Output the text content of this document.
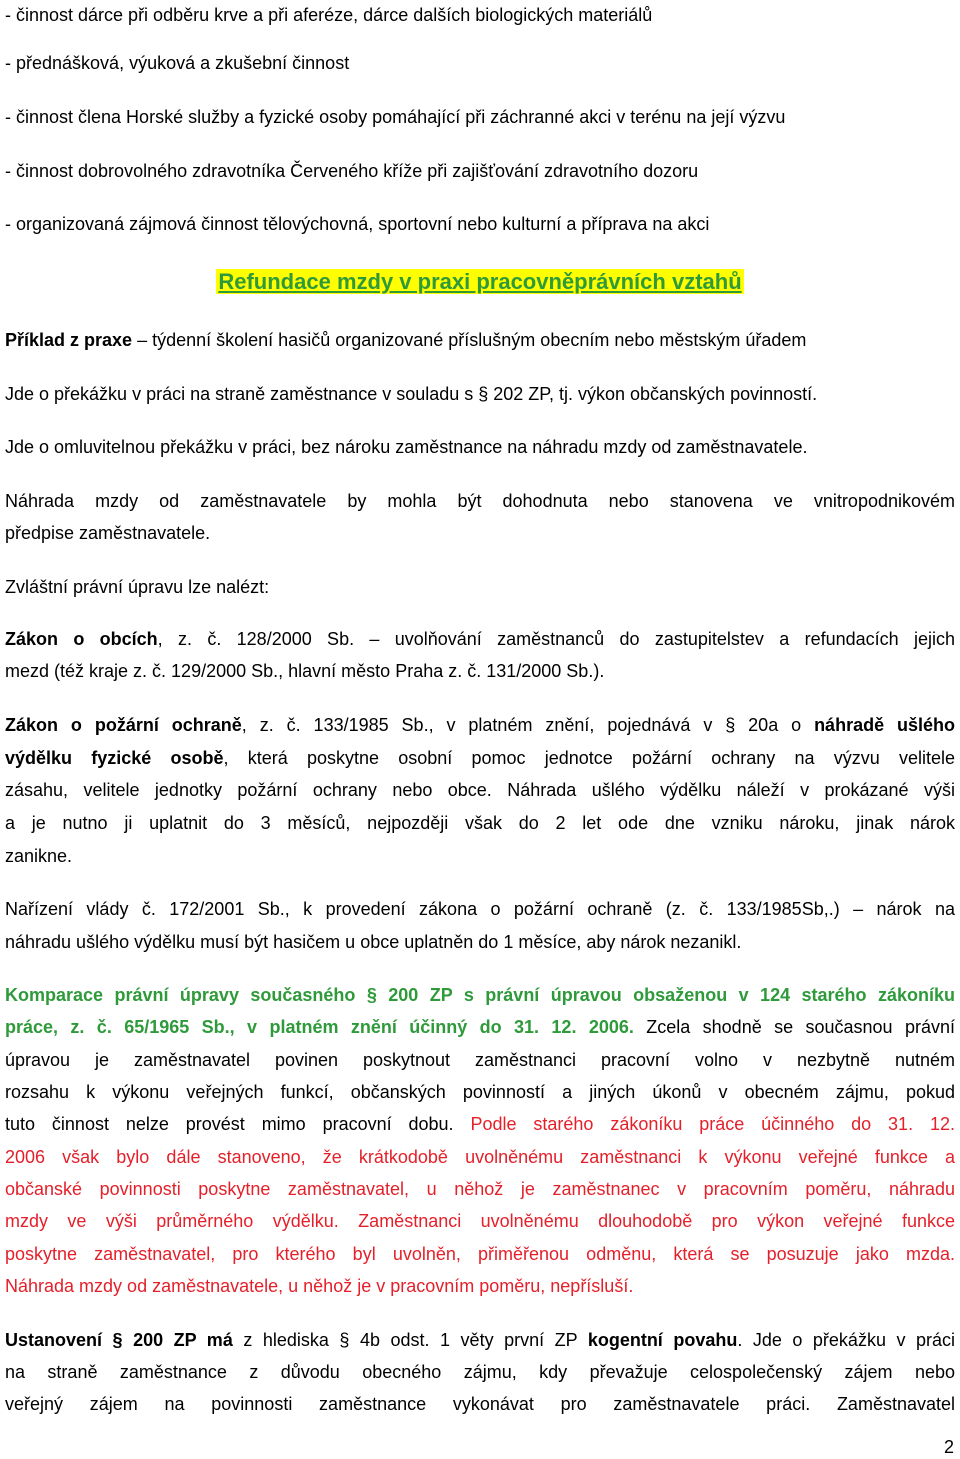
- činnost dárce při odběru krve a při aferéze, dárce dalších biologických materiálů
- přednášková, výuková a zkušební činnost
- činnost člena Horské služby a fyzické osoby pomáhající při záchranné akci v terénu na její výzvu
- činnost dobrovolného zdravotníka Červeného kříže při zajišťování zdravotního dozoru
- organizovaná zájmová činnost tělovýchovná, sportovní nebo kulturní a příprava na akci
Refundace mzdy v praxi pracovněprávních vztahů
Příklad z praxe – týdenní školení hasičů organizované příslušným obecním nebo městským úřadem
Jde o překážku v práci na straně zaměstnance v souladu s § 202 ZP, tj. výkon občanských povinností.
Jde o omluvitelnou překážku v práci, bez nároku zaměstnance na náhradu mzdy od zaměstnavatele.
Náhrada mzdy od zaměstnavatele by mohla být dohodnuta nebo stanovena ve vnitropodnikovém
předpise zaměstnavatele.
Zvláštní právní úpravu lze nalézt:
Zákon o obcích, z. č. 128/2000 Sb. – uvolňování zaměstnanců do zastupitelstev a refundacích jejich
mezd (též kraje z. č. 129/2000 Sb., hlavní město Praha z. č. 131/2000 Sb.).
Zákon o požární ochraně, z. č. 133/1985 Sb., v platném znění, pojednává v § 20a o náhradě ušlého
výdělku fyzické osobě, která poskytne osobní pomoc jednotce požární ochrany na výzvu velitele
zásahu, velitele jednotky požární ochrany nebo obce. Náhrada ušlého výdělku náleží v prokázané výši
a je nutno ji uplatnit do 3 měsíců, nejpozději však do 2 let ode dne vzniku nároku, jinak nárok
zanikne.
Nařízení vlády č. 172/2001 Sb., k provedení zákona o požární ochraně (z. č. 133/1985Sb,.) – nárok na
náhradu ušlého výdělku musí být hasičem u obce uplatněn do 1 měsíce, aby nárok nezanikl.
Komparace právní úpravy současného § 200 ZP s právní úpravou obsaženou v 124 starého zákoníku
práce, z. č. 65/1965 Sb., v platném znění účinný do 31. 12. 2006. Zcela shodně se současnou právní
úpravou je zaměstnavatel povinen poskytnout zaměstnanci pracovní volno v nezbytně nutném
rozsahu k výkonu veřejných funkcí, občanských povinností a jiných úkonů v obecném zájmu, pokud
tuto činnost nelze provést mimo pracovní dobu. Podle starého zákoníku práce účinného do 31. 12.
2006 však bylo dále stanoveno, že krátkodobě uvolněnému zaměstnanci k výkonu veřejné funkce a
občanské povinnosti poskytne zaměstnavatel, u něhož je zaměstnanec v pracovním poměru, náhradu
mzdy ve výši průměrného výdělku. Zaměstnanci uvolněnému dlouhodobě pro výkon veřejné funkce
poskytne zaměstnavatel, pro kterého byl uvolněn, přiměřenou odměnu, která se posuzuje jako mzda.
Náhrada mzdy od zaměstnavatele, u něhož je v pracovním poměru, nepřísluší.
Ustanovení § 200 ZP má z hlediska § 4b odst. 1 věty první ZP kogentní povahu. Jde o překážku v práci
na straně zaměstnance z důvodu obecného zájmu, kdy převažuje celospolečenský zájem nebo
veřejný zájem na povinnosti zaměstnance vykonávat pro zaměstnavatele práci. Zaměstnavatel
2
